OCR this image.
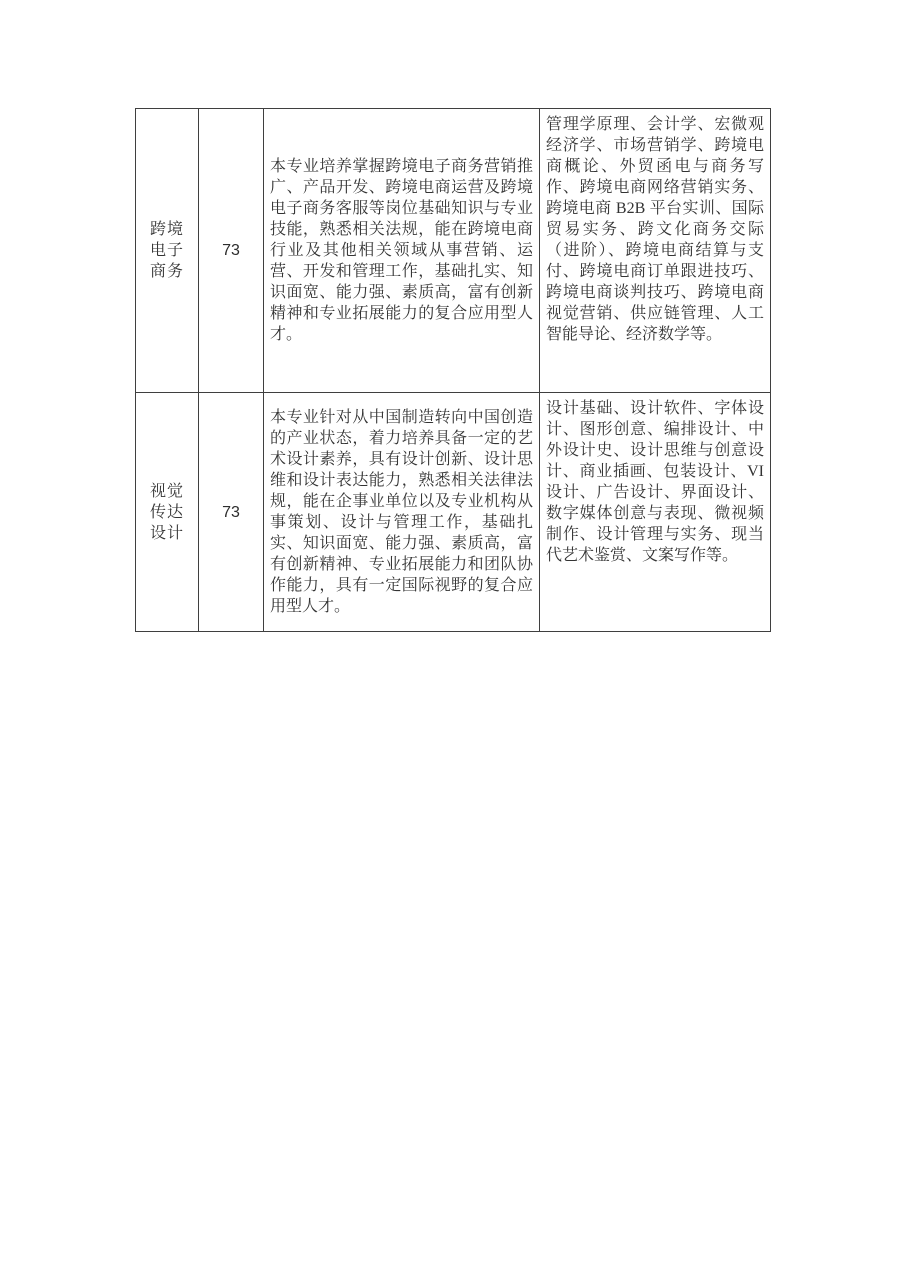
跨境电子商务	73	本专业培养掌握跨境电子商务营销推广、产品开发、跨境电商运营及跨境电子商务客服等岗位基础知识与专业技能，熟悉相关法规，能在跨境电商行业及其他相关领域从事营销、运营、开发和管理工作，基础扎实、知识面宽、能力强、素质高，富有创新精神和专业拓展能力的复合应用型人才。	管理学原理、会计学、宏微观经济学、市场营销学、跨境电商概论、外贸函电与商务写作、跨境电商网络营销实务、跨境电商 B2B 平台实训、国际贸易实务、跨文化商务交际（进阶）、跨境电商结算与支付、跨境电商订单跟进技巧、跨境电商谈判技巧、跨境电商视觉营销、供应链管理、人工智能导论、经济数学等。
视觉传达设计	73	本专业针对从中国制造转向中国创造的产业状态，着力培养具备一定的艺术设计素养，具有设计创新、设计思维和设计表达能力，熟悉相关法律法规，能在企事业单位以及专业机构从事策划、设计与管理工作，基础扎实、知识面宽、能力强、素质高，富有创新精神、专业拓展能力和团队协作能力，具有一定国际视野的复合应用型人才。	设计基础、设计软件、字体设计、图形创意、编排设计、中外设计史、设计思维与创意设计、商业插画、包装设计、VI 设计、广告设计、界面设计、数字媒体创意与表现、微视频制作、设计管理与实务、现当代艺术鉴赏、文案写作等。
